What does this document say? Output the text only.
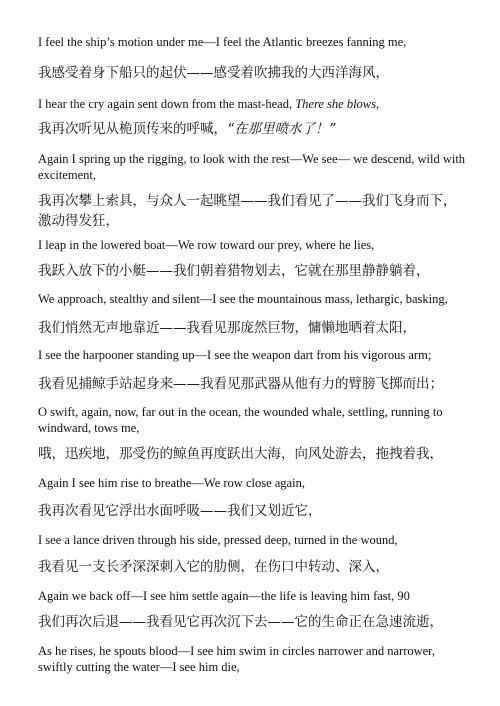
I feel the ship’s motion under me—I feel the Atlantic breezes fanning me,

我感受着身下船只的起伏——感受着吹拂我的大西洋海风，

I hear the cry again sent down from the mast-head, There she blows,

我再次听见从桅顶传来的呼喊，“在那里喷水了！”

Again I spring up the rigging, to look with the rest—We see— we descend, wild with excitement,

我再次攀上索具，与众人一起眺望——我们看见了——我们飞身而下，激动得发狂，

I leap in the lowered boat—We row toward our prey, where he lies,

我跃入放下的小艇——我们朝着猎物划去，它就在那里静静躺着，

We approach, stealthy and silent—I see the mountainous mass, lethargic, basking,

我们悄然无声地靠近——我看见那庞然巨物，慵懒地晒着太阳，

I see the harpooner standing up—I see the weapon dart from his vigorous arm;

我看见捕鲸手站起身来——我看见那武器从他有力的臂膀飞掷而出；

O swift, again, now, far out in the ocean, the wounded whale, settling, running to windward, tows me,

哦，迅疾地，那受伤的鲸鱼再度跃出大海，向风处游去，拖拽着我，

Again I see him rise to breathe—We row close again,

我再次看见它浮出水面呼吸——我们又划近它，

I see a lance driven through his side, pressed deep, turned in the wound,

我看见一支长矛深深刺入它的肋侧，在伤口中转动、深入，

Again we back off—I see him settle again—the life is leaving him fast, 90

我们再次后退——我看见它再次沉下去——它的生命正在急速流逝，

As he rises, he spouts blood—I see him swim in circles narrower and narrower, swiftly cutting the water—I see him die,
